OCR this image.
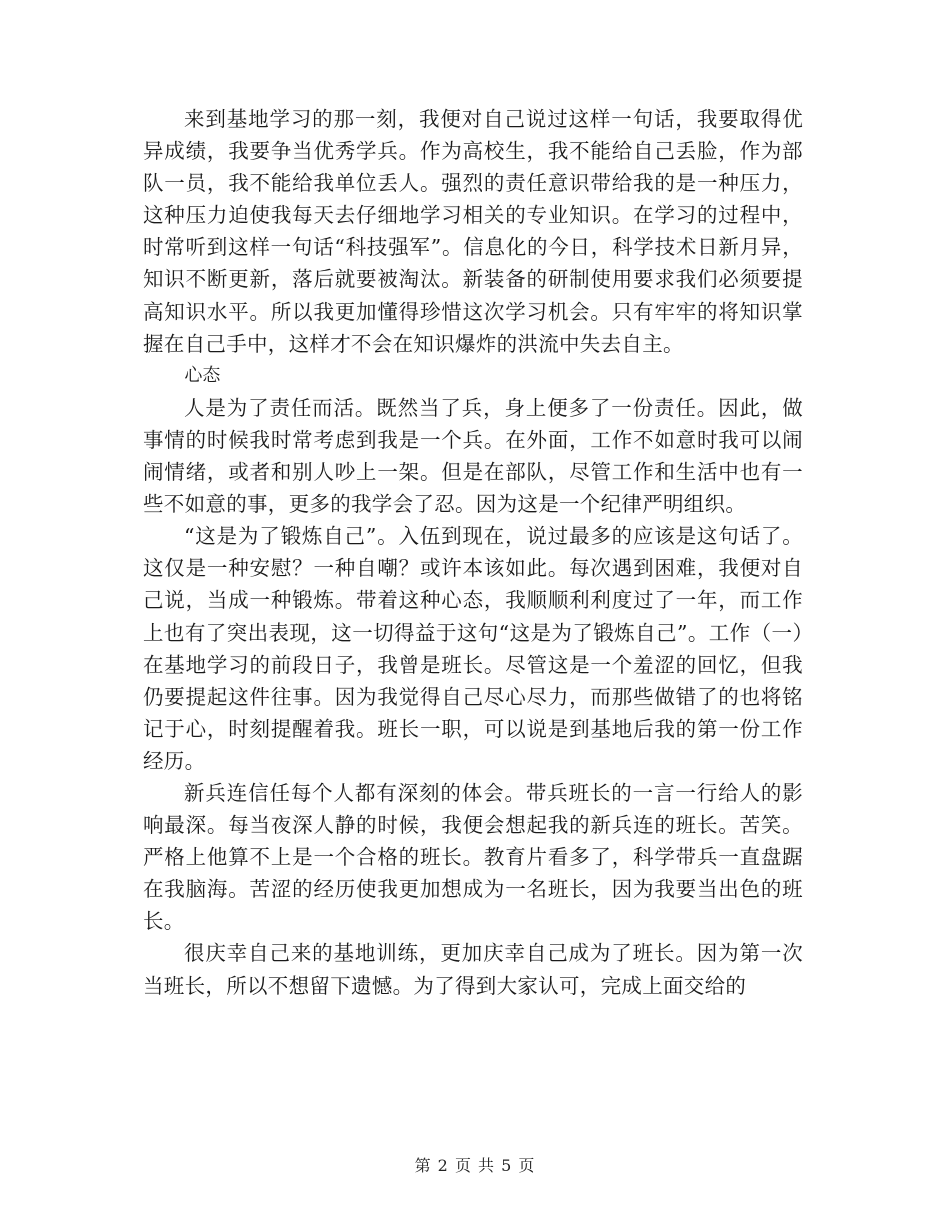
来到基地学习的那一刻，我便对自己说过这样一句话，我要取得优异成绩，我要争当优秀学兵。作为高校生，我不能给自己丢脸，作为部队一员，我不能给我单位丢人。强烈的责任意识带给我的是一种压力，这种压力迫使我每天去仔细地学习相关的专业知识。在学习的过程中，时常听到这样一句话“科技强军”。信息化的今日，科学技术日新月异，知识不断更新，落后就要被淘汰。新装备的研制使用要求我们必须要提高知识水平。所以我更加懂得珍惜这次学习机会。只有牢牢的将知识掌握在自己手中，这样才不会在知识爆炸的洪流中失去自主。

心态

人是为了责任而活。既然当了兵，身上便多了一份责任。因此，做事情的时候我时常考虑到我是一个兵。在外面，工作不如意时我可以闹闹情绪，或者和别人吵上一架。但是在部队，尽管工作和生活中也有一些不如意的事，更多的我学会了忍。因为这是一个纪律严明组织。

“这是为了锻炼自己”。入伍到现在，说过最多的应该是这句话了。这仅是一种安慰？一种自嘲？或许本该如此。每次遇到困难，我便对自己说，当成一种锻炼。带着这种心态，我顺顺利利度过了一年，而工作上也有了突出表现，这一切得益于这句“这是为了锻炼自己”。工作（一）在基地学习的前段日子，我曾是班长。尽管这是一个羞涩的回忆，但我仍要提起这件往事。因为我觉得自己尽心尽力，而那些做错了的也将铭记于心，时刻提醒着我。班长一职，可以说是到基地后我的第一份工作经历。

新兵连信任每个人都有深刻的体会。带兵班长的一言一行给人的影响最深。每当夜深人静的时候，我便会想起我的新兵连的班长。苦笑。严格上他算不上是一个合格的班长。教育片看多了，科学带兵一直盘踞在我脑海。苦涩的经历使我更加想成为一名班长，因为我要当出色的班长。

很庆幸自己来的基地训练，更加庆幸自己成为了班长。因为第一次当班长，所以不想留下遗憾。为了得到大家认可，完成上面交给的

第 2 页 共 5 页
